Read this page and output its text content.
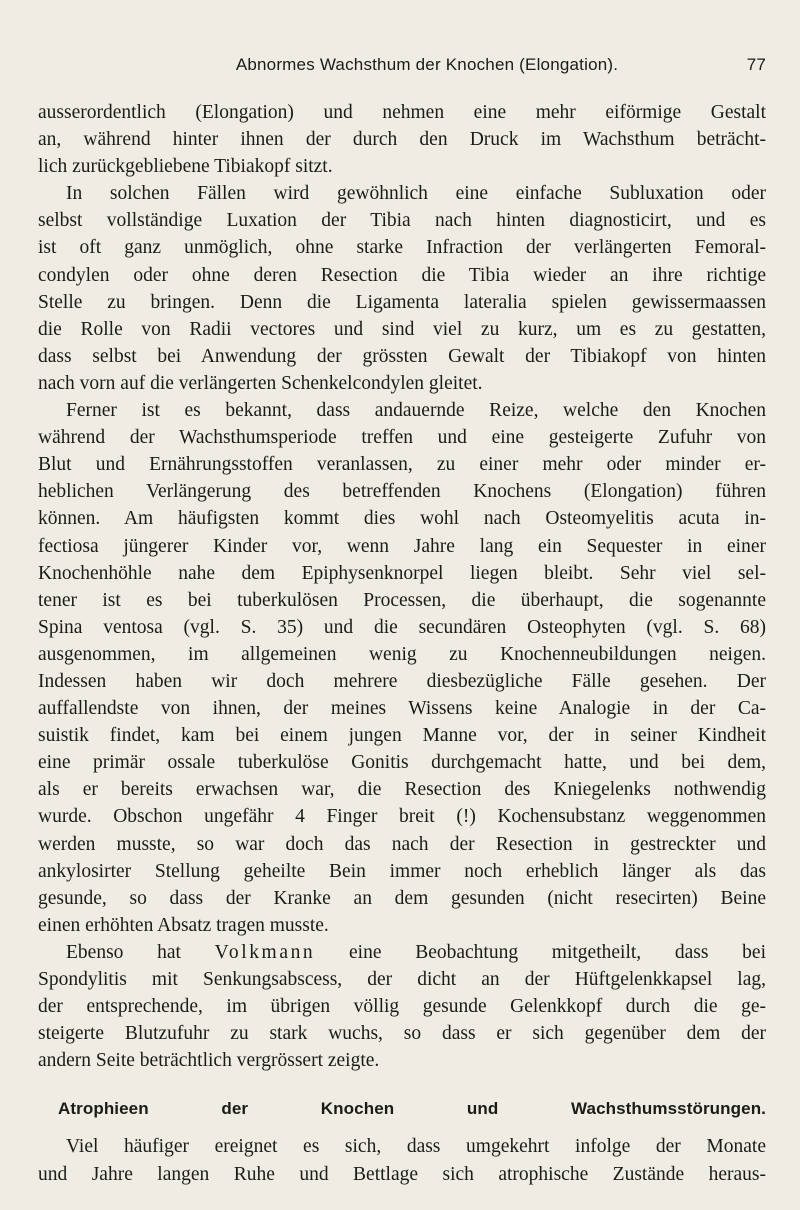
Abnormes Wachsthum der Knochen (Elongation).	77

ausserordentlich (Elongation) und nehmen eine mehr eiförmige Gestalt
an, während hinter ihnen der durch den Druck im Wachsthum beträcht-
lich zurückgebliebene Tibiakopf sitzt.

In solchen Fällen wird gewöhnlich eine einfache Subluxation oder
selbst vollständige Luxation der Tibia nach hinten diagnosticirt, und es
ist oft ganz unmöglich, ohne starke Infraction der verlängerten Femoral-
condylen oder ohne deren Resection die Tibia wieder an ihre richtige
Stelle zu bringen. Denn die Ligamenta lateralia spielen gewissermaassen
die Rolle von Radii vectores und sind viel zu kurz, um es zu gestatten,
dass selbst bei Anwendung der grössten Gewalt der Tibiakopf von hinten
nach vorn auf die verlängerten Schenkelcondylen gleitet.

Ferner ist es bekannt, dass andauernde Reize, welche den Knochen
während der Wachsthumsperiode treffen und eine gesteigerte Zufuhr von
Blut und Ernährungsstoffen veranlassen, zu einer mehr oder minder er-
heblichen Verlängerung des betreffenden Knochens (Elongation) führen
können. Am häufigsten kommt dies wohl nach Osteomyelitis acuta in-
fectiosa jüngerer Kinder vor, wenn Jahre lang ein Sequester in einer
Knochenhöhle nahe dem Epiphysenknorpel liegen bleibt. Sehr viel sel-
tener ist es bei tuberkulösen Processen, die überhaupt, die sogenannte
Spina ventosa (vgl. S. 35) und die secundären Osteophyten (vgl. S. 68)
ausgenommen, im allgemeinen wenig zu Knochenneubildungen neigen.
Indessen haben wir doch mehrere diesbezügliche Fälle gesehen. Der
auffallendste von ihnen, der meines Wissens keine Analogie in der Ca-
suistik findet, kam bei einem jungen Manne vor, der in seiner Kindheit
eine primär ossale tuberkulöse Gonitis durchgemacht hatte, und bei dem,
als er bereits erwachsen war, die Resection des Kniegelenks nothwendig
wurde. Obschon ungefähr 4 Finger breit (!) Kochensubstanz weggenommen
werden musste, so war doch das nach der Resection in gestreckter und
ankylosirter Stellung geheilte Bein immer noch erheblich länger als das
gesunde, so dass der Kranke an dem gesunden (nicht resecirten) Beine
einen erhöhten Absatz tragen musste.

Ebenso hat Volkmann eine Beobachtung mitgetheilt, dass bei
Spondylitis mit Senkungsabscess, der dicht an der Hüftgelenkkapsel lag,
der entsprechende, im übrigen völlig gesunde Gelenkkopf durch die ge-
steigerte Blutzufuhr zu stark wuchs, so dass er sich gegenüber dem der
andern Seite beträchtlich vergrössert zeigte.

Atrophieen der Knochen und Wachsthumsstörungen.

Viel häufiger ereignet es sich, dass umgekehrt infolge der Monate
und Jahre langen Ruhe und Bettlage sich atrophische Zustände heraus-
